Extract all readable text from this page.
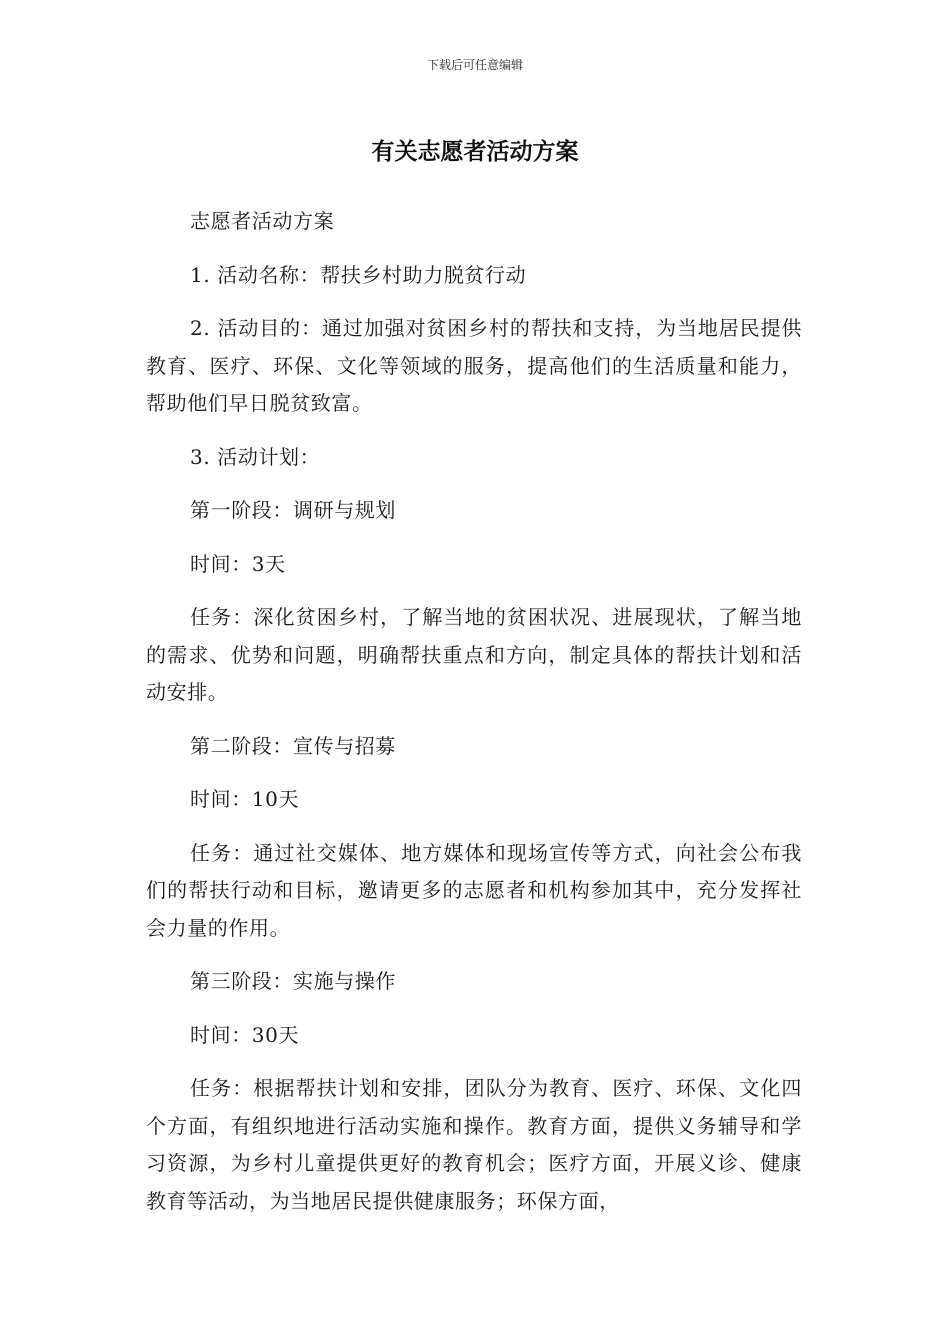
下载后可任意编辑
有关志愿者活动方案

志愿者活动方案

1. 活动名称：帮扶乡村助力脱贫行动

2. 活动目的：通过加强对贫困乡村的帮扶和支持，为当地居民提供教育、医疗、环保、文化等领域的服务，提高他们的生活质量和能力，帮助他们早日脱贫致富。

3. 活动计划：

第一阶段：调研与规划

时间：3天

任务：深化贫困乡村，了解当地的贫困状况、进展现状，了解当地的需求、优势和问题，明确帮扶重点和方向，制定具体的帮扶计划和活动安排。

第二阶段：宣传与招募

时间：10天

任务：通过社交媒体、地方媒体和现场宣传等方式，向社会公布我们的帮扶行动和目标，邀请更多的志愿者和机构参加其中，充分发挥社会力量的作用。

第三阶段：实施与操作

时间：30天

任务：根据帮扶计划和安排，团队分为教育、医疗、环保、文化四个方面，有组织地进行活动实施和操作。教育方面，提供义务辅导和学习资源，为乡村儿童提供更好的教育机会；医疗方面，开展义诊、健康教育等活动，为当地居民提供健康服务；环保方面，
